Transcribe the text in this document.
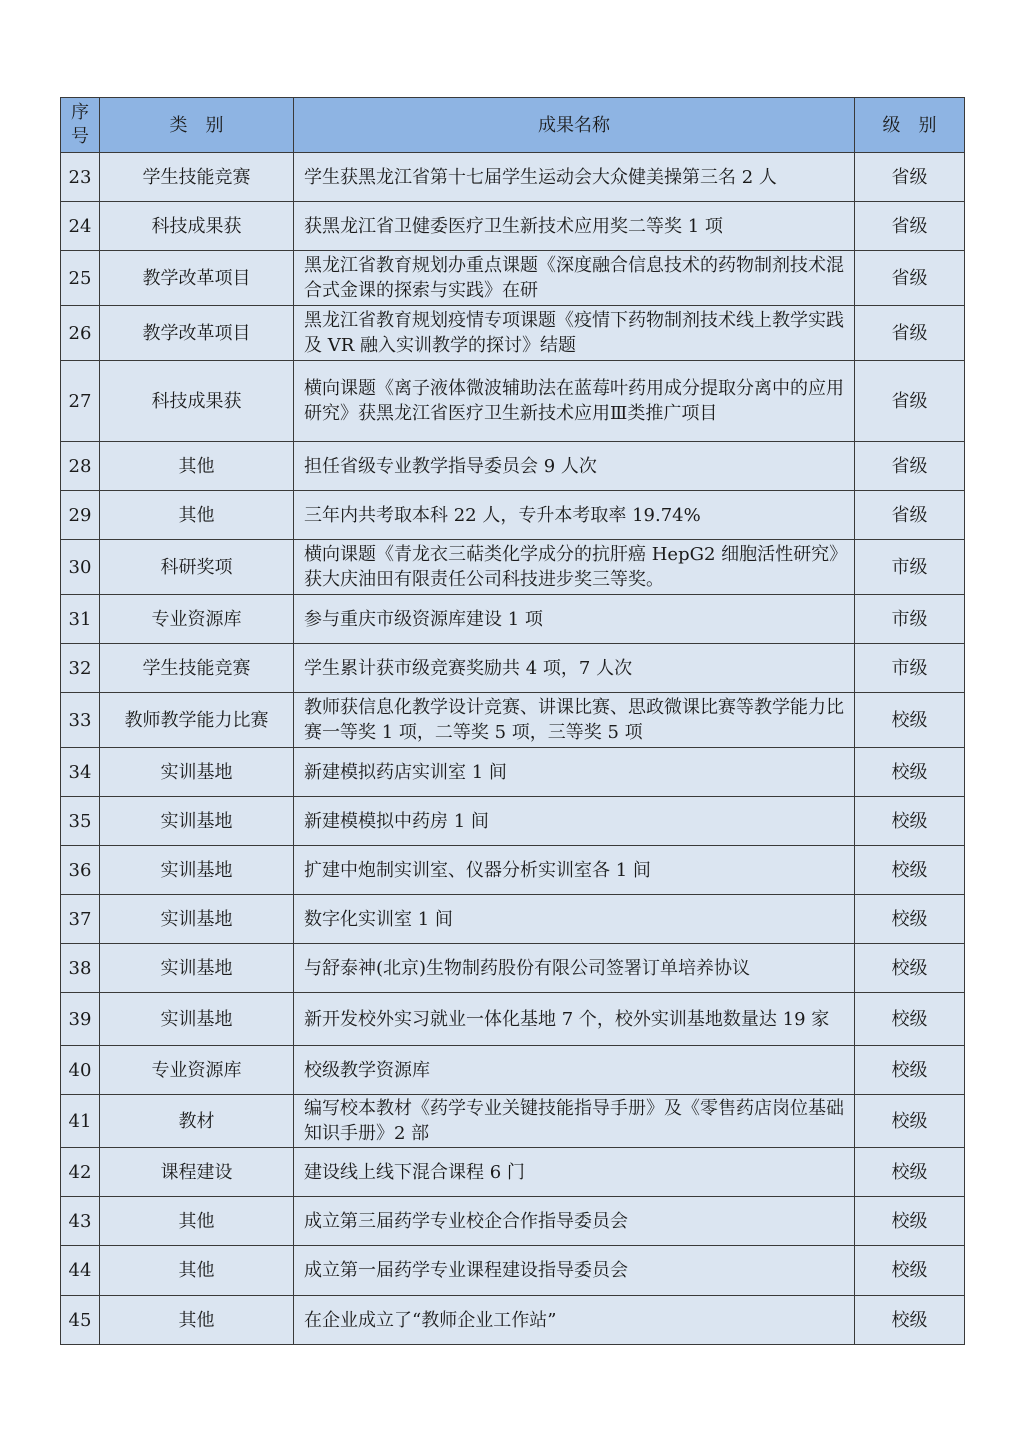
序
号	类　别	成果名称	级　别
23	学生技能竞赛	学生获黑龙江省第十七届学生运动会大众健美操第三名 2 人	省级
24	科技成果获	获黑龙江省卫健委医疗卫生新技术应用奖二等奖 1 项	省级
25	教学改革项目	黑龙江省教育规划办重点课题《深度融合信息技术的药物制剂技术混合式金课的探索与实践》在研	省级
26	教学改革项目	黑龙江省教育规划疫情专项课题《疫情下药物制剂技术线上教学实践及 VR 融入实训教学的探讨》结题	省级
27	科技成果获	横向课题《离子液体微波辅助法在蓝莓叶药用成分提取分离中的应用研究》获黑龙江省医疗卫生新技术应用Ⅲ类推广项目	省级
28	其他	担任省级专业教学指导委员会 9 人次	省级
29	其他	三年内共考取本科 22 人，专升本考取率 19.74%	省级
30	科研奖项	横向课题《青龙衣三萜类化学成分的抗肝癌 HepG2 细胞活性研究》获大庆油田有限责任公司科技进步奖三等奖。	市级
31	专业资源库	参与重庆市级资源库建设 1 项	市级
32	学生技能竞赛	学生累计获市级竞赛奖励共 4 项，7 人次	市级
33	教师教学能力比赛	教师获信息化教学设计竞赛、讲课比赛、思政微课比赛等教学能力比赛一等奖 1 项，二等奖 5 项，三等奖 5 项	校级
34	实训基地	新建模拟药店实训室 1 间	校级
35	实训基地	新建模模拟中药房 1 间	校级
36	实训基地	扩建中炮制实训室、仪器分析实训室各 1 间	校级
37	实训基地	数字化实训室 1 间	校级
38	实训基地	与舒泰神(北京)生物制药股份有限公司签署订单培养协议	校级
39	实训基地	新开发校外实习就业一体化基地 7 个，校外实训基地数量达 19 家	校级
40	专业资源库	校级教学资源库	校级
41	教材	编写校本教材《药学专业关键技能指导手册》及《零售药店岗位基础知识手册》2 部	校级
42	课程建设	建设线上线下混合课程 6 门	校级
43	其他	成立第三届药学专业校企合作指导委员会	校级
44	其他	成立第一届药学专业课程建设指导委员会	校级
45	其他	在企业成立了“教师企业工作站”	校级
